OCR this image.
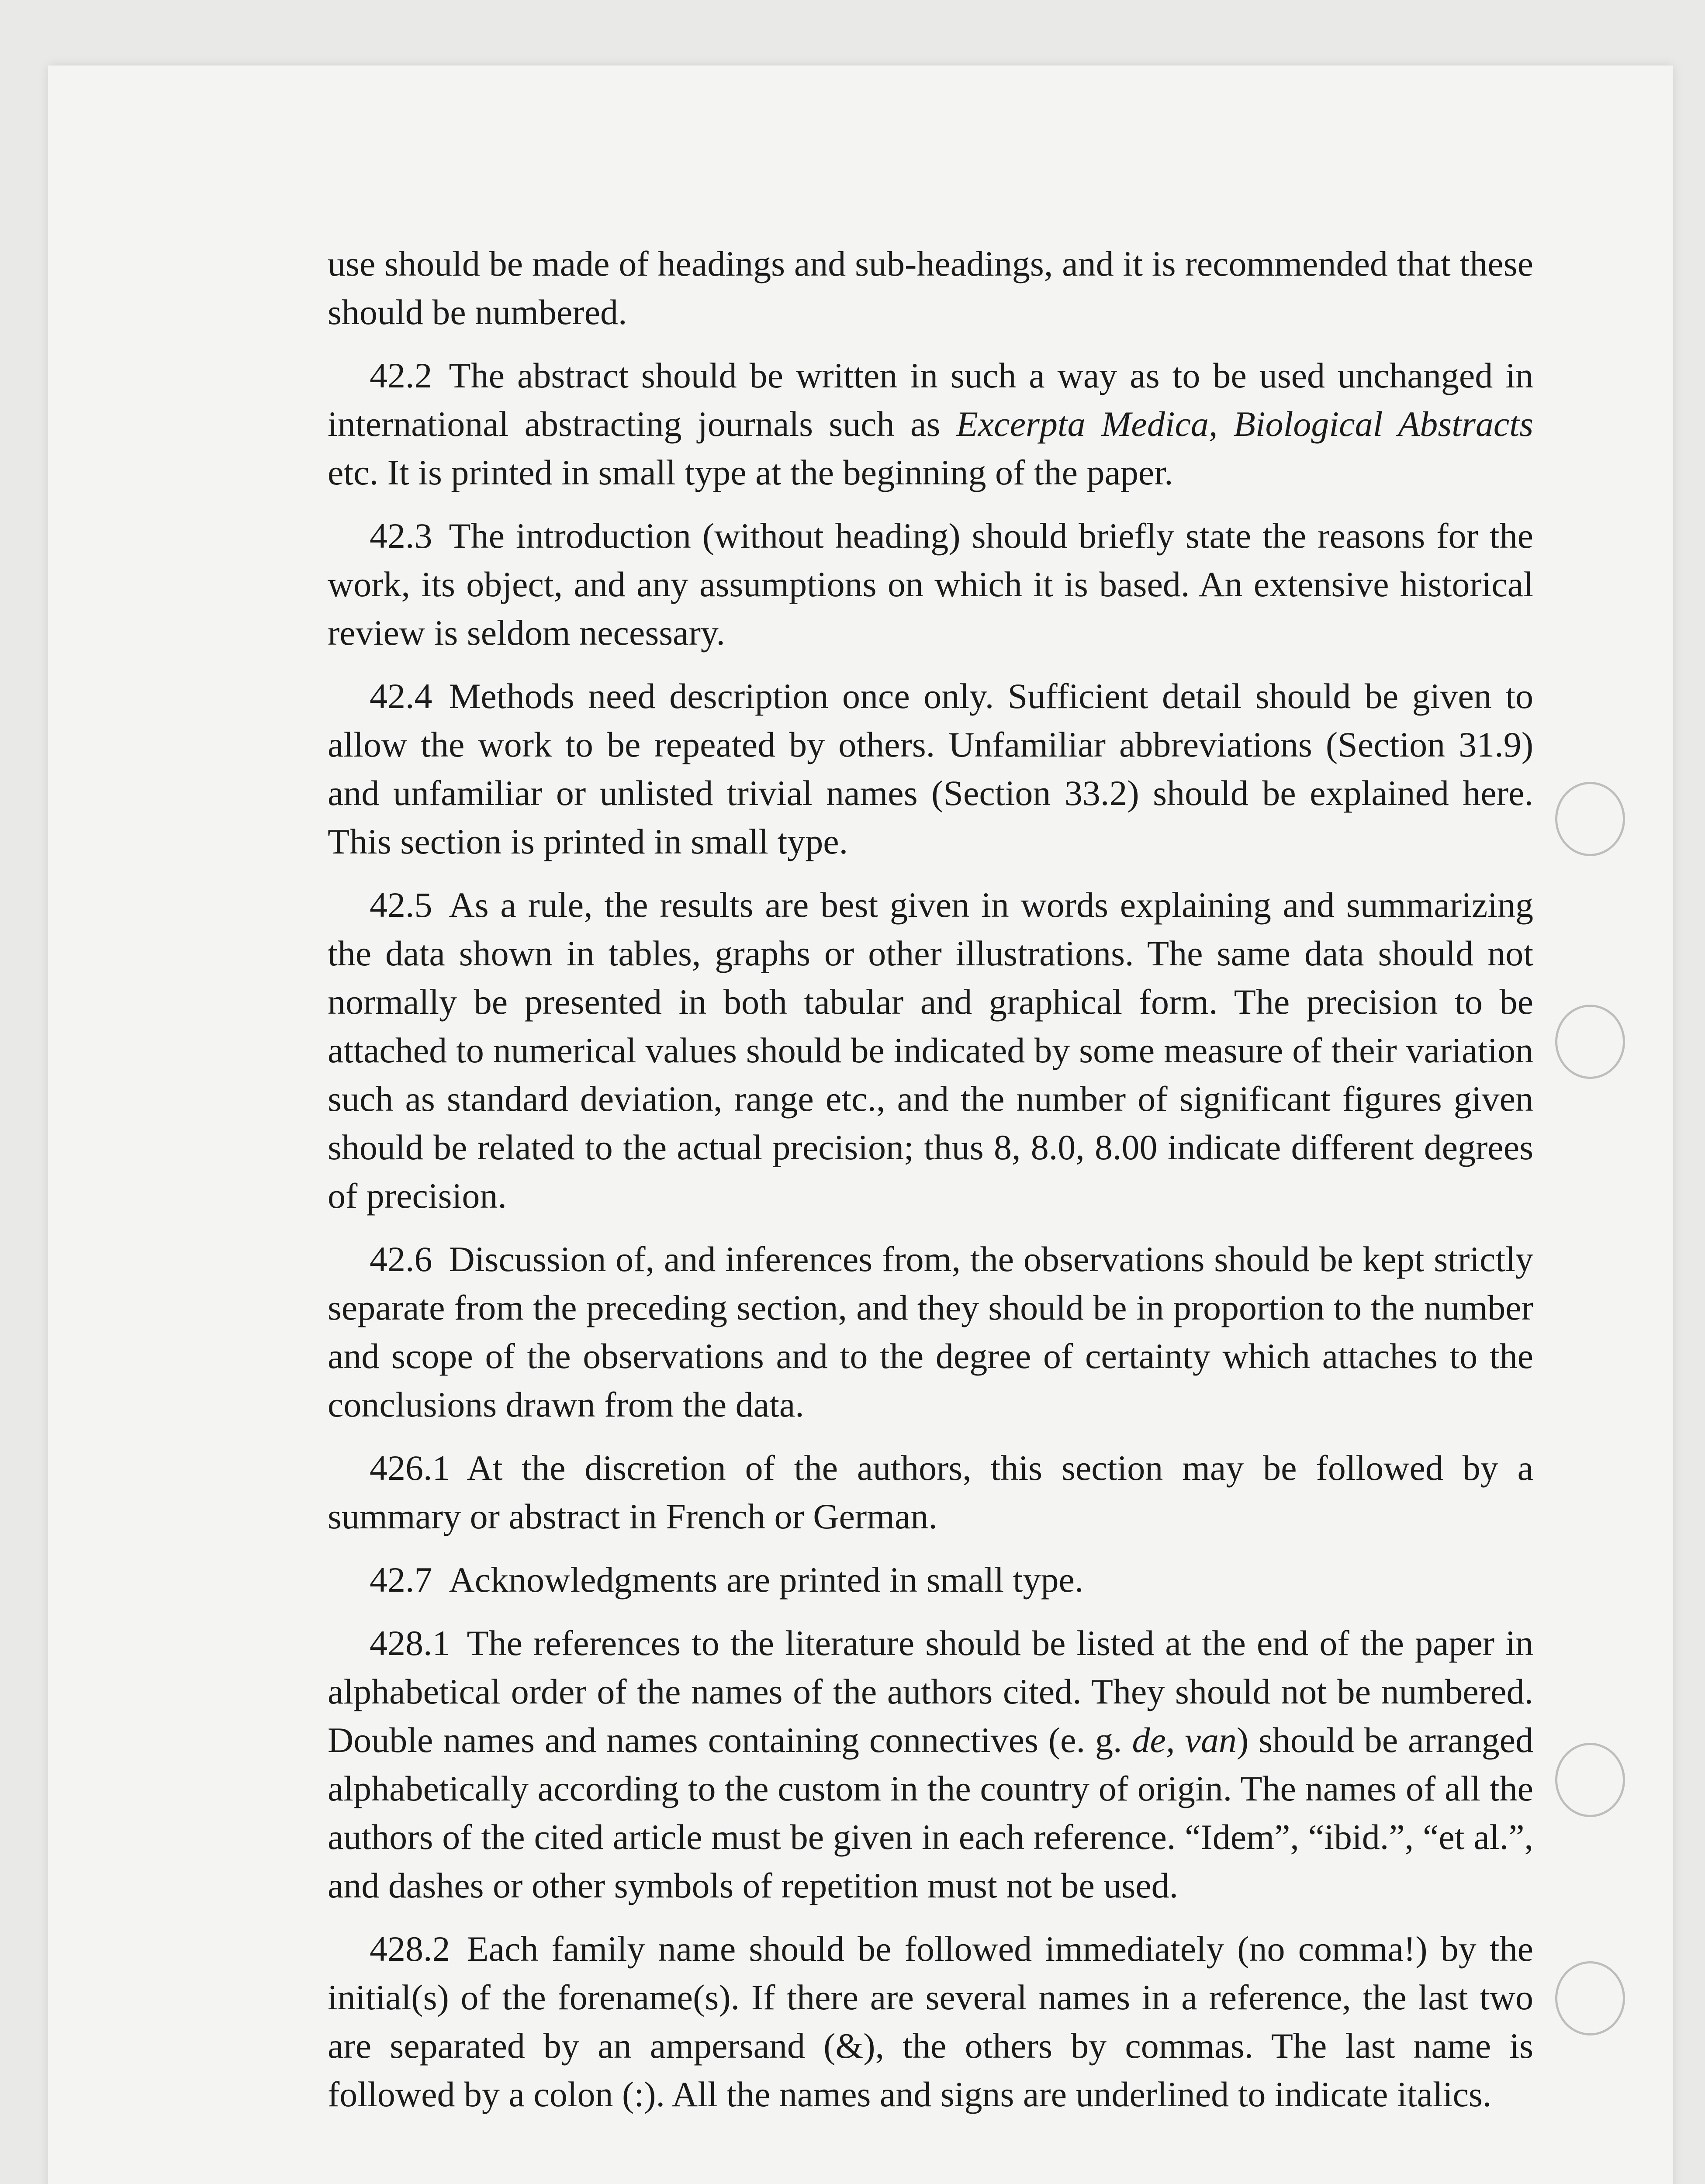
use should be made of headings and sub-headings, and it is recommended that these should be numbered.

42.2 The abstract should be written in such a way as to be used unchanged in international abstracting journals such as Excerpta Medica, Biological Abstracts etc. It is printed in small type at the beginning of the paper.

42.3 The introduction (without heading) should briefly state the reasons for the work, its object, and any assumptions on which it is based. An extensive historical review is seldom necessary.

42.4 Methods need description once only. Sufficient detail should be given to allow the work to be repeated by others. Unfamiliar abbreviations (Section 31.9) and unfamiliar or unlisted trivial names (Section 33.2) should be explained here. This section is printed in small type.

42.5 As a rule, the results are best given in words explaining and summarizing the data shown in tables, graphs or other illustrations. The same data should not normally be presented in both tabular and graphical form. The precision to be attached to numerical values should be indicated by some measure of their variation such as standard deviation, range etc., and the number of significant figures given should be related to the actual precision; thus 8, 8.0, 8.00 indicate different degrees of precision.

42.6 Discussion of, and inferences from, the observations should be kept strictly separate from the preceding section, and they should be in proportion to the number and scope of the observations and to the degree of certainty which attaches to the conclusions drawn from the data.

426.1 At the discretion of the authors, this section may be followed by a summary or abstract in French or German.

42.7 Acknowledgments are printed in small type.

428.1 The references to the literature should be listed at the end of the paper in alphabetical order of the names of the authors cited. They should not be numbered. Double names and names containing connectives (e. g. de, van) should be arranged alphabetically according to the custom in the country of origin. The names of all the authors of the cited article must be given in each reference. “Idem”, “ibid.”, “et al.”, and dashes or other symbols of repetition must not be used.

428.2 Each family name should be followed immediately (no comma!) by the initial(s) of the forename(s). If there are several names in a reference, the last two are separated by an ampersand (&), the others by commas. The last name is followed by a colon (:). All the names and signs are underlined to indicate italics.
